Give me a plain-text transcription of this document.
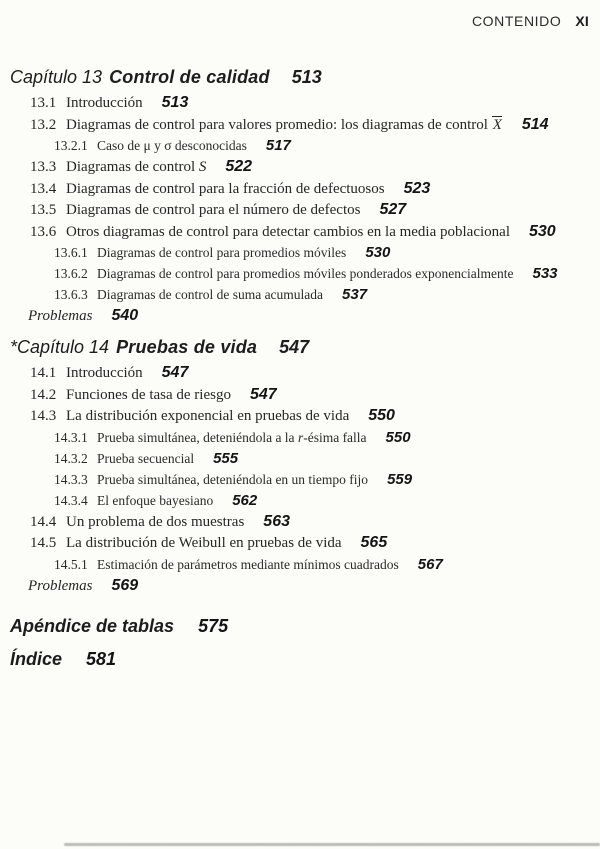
CONTENIDO XI
Capítulo 13 Control de calidad 513
13.1 Introducción 513
13.2 Diagramas de control para valores promedio: los diagramas de control X 514
13.2.1 Caso de μ y σ desconocidas 517
13.3 Diagramas de control S 522
13.4 Diagramas de control para la fracción de defectuosos 523
13.5 Diagramas de control para el número de defectos 527
13.6 Otros diagramas de control para detectar cambios en la media poblacional 530
13.6.1 Diagramas de control para promedios móviles 530
13.6.2 Diagramas de control para promedios móviles ponderados exponencialmente 533
13.6.3 Diagramas de control de suma acumulada 537
Problemas 540
*Capítulo 14 Pruebas de vida 547
14.1 Introducción 547
14.2 Funciones de tasa de riesgo 547
14.3 La distribución exponencial en pruebas de vida 550
14.3.1 Prueba simultánea, deteniéndola a la r-ésima falla 550
14.3.2 Prueba secuencial 555
14.3.3 Prueba simultánea, deteniéndola en un tiempo fijo 559
14.3.4 El enfoque bayesiano 562
14.4 Un problema de dos muestras 563
14.5 La distribución de Weibull en pruebas de vida 565
14.5.1 Estimación de parámetros mediante mínimos cuadrados 567
Problemas 569
Apéndice de tablas 575
Índice 581
